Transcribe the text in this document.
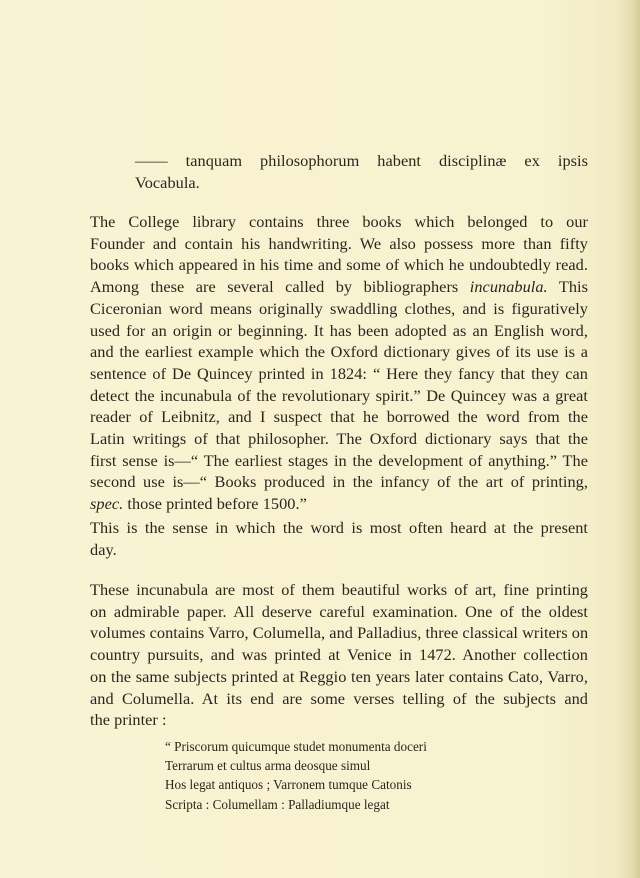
—— tanquam philosophorum habent disciplinæ ex ipsis
Vocabula.
The College library contains three books which belonged to our
Founder and contain his handwriting. We also possess more than fifty
books which appeared in his time and some of which he undoubtedly read.
Among these are several called by bibliographers incunabula. This
Ciceronian word means originally swaddling clothes, and is figuratively
used for an origin or beginning. It has been adopted as an English word,
and the earliest example which the Oxford dictionary gives of its use is a
sentence of De Quincey printed in 1824: “ Here they fancy that they can
detect the incunabula of the revolutionary spirit.” De Quincey was a great
reader of Leibnitz, and I suspect that he borrowed the word from the
Latin writings of that philosopher. The Oxford dictionary says that the
first sense is—“ The earliest stages in the development of anything.” The
second use is—“ Books produced in the infancy of the art of printing,
spec. those printed before 1500.”
This is the sense in which the word is most often heard at the present
day.
These incunabula are most of them beautiful works of art, fine printing
on admirable paper. All deserve careful examination. One of the oldest
volumes contains Varro, Columella, and Palladius, three classical writers on
country pursuits, and was printed at Venice in 1472. Another collection
on the same subjects printed at Reggio ten years later contains Cato, Varro,
and Columella. At its end are some verses telling of the subjects and
the printer :
“ Priscorum quicumque studet monumenta doceri
Terrarum et cultus arma deosque simul
Hos legat antiquos ; Varronem tumque Catonis
Scripta : Columellam : Palladiumque legat
